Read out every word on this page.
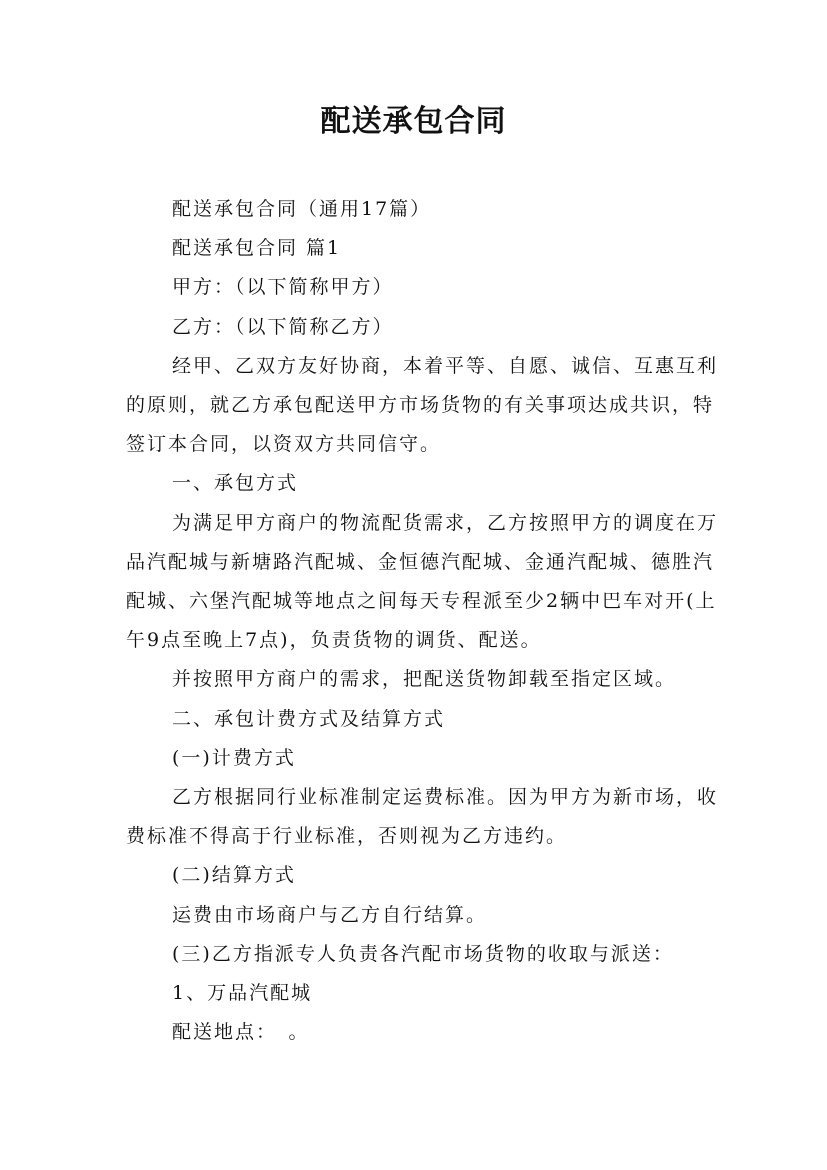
配送承包合同

配送承包合同（通用17篇）

配送承包合同 篇1

甲方：（以下简称甲方）

乙方：（以下简称乙方）

经甲、乙双方友好协商，本着平等、自愿、诚信、互惠互利的原则，就乙方承包配送甲方市场货物的有关事项达成共识，特签订本合同，以资双方共同信守。

一、承包方式

为满足甲方商户的物流配货需求，乙方按照甲方的调度在万品汽配城与新塘路汽配城、金恒德汽配城、金通汽配城、德胜汽配城、六堡汽配城等地点之间每天专程派至少2辆中巴车对开(上午9点至晚上7点)，负责货物的调货、配送。

并按照甲方商户的需求，把配送货物卸载至指定区域。

二、承包计费方式及结算方式

(一)计费方式

乙方根据同行业标准制定运费标准。因为甲方为新市场，收费标准不得高于行业标准，否则视为乙方违约。

(二)结算方式

运费由市场商户与乙方自行结算。

(三)乙方指派专人负责各汽配市场货物的收取与派送：

1、万品汽配城

配送地点：　。
